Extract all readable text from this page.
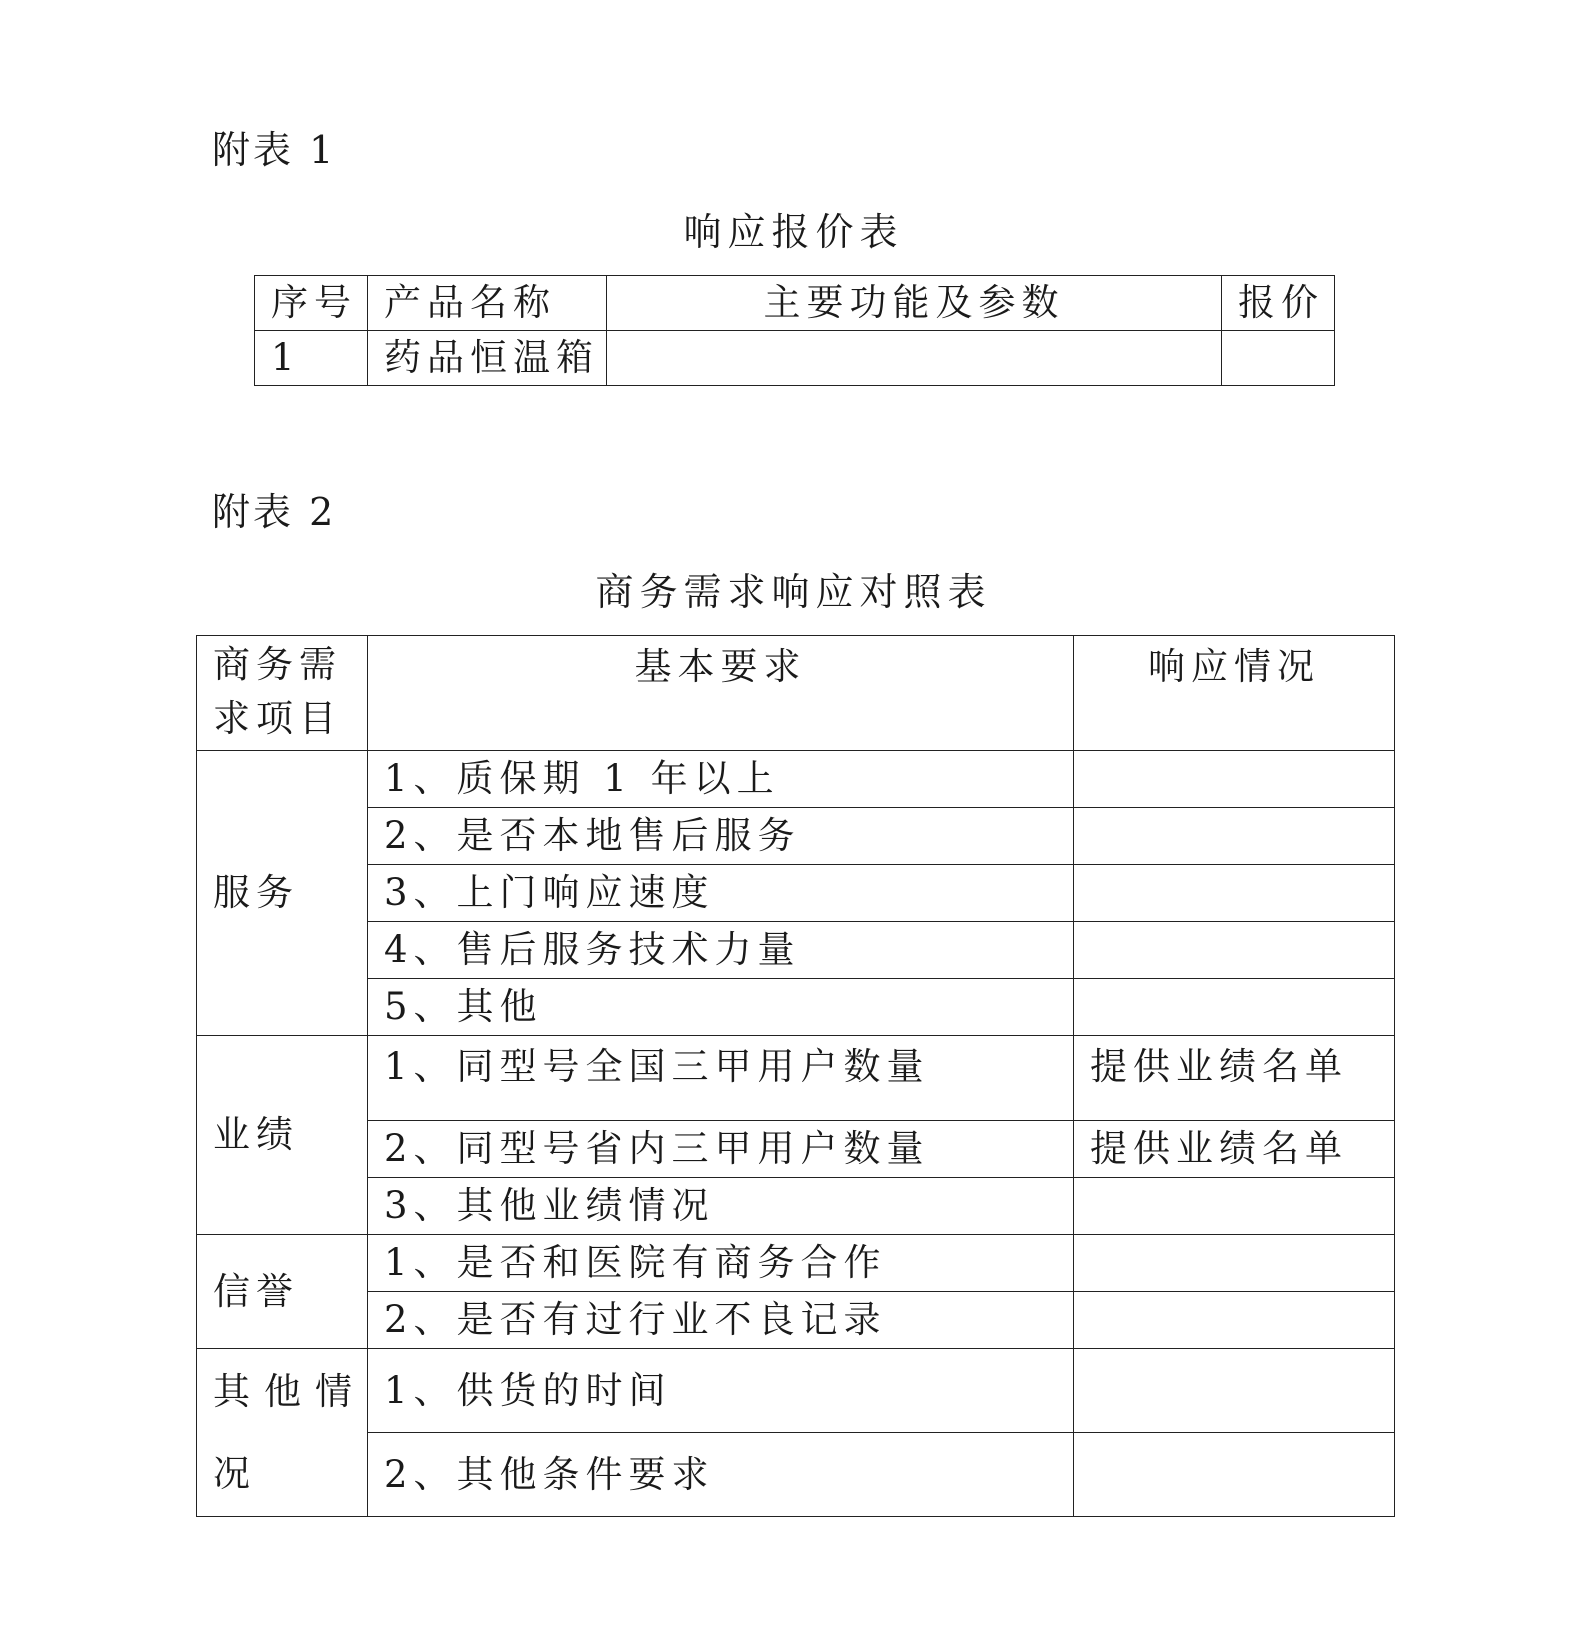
附表 1
响应报价表
序号	产品名称	主要功能及参数	报价
1	药品恒温箱		
附表 2
商务需求响应对照表
商务需求项目	基本要求	响应情况
服务	1、质保期 1 年以上	
	2、是否本地售后服务	
	3、上门响应速度	
	4、售后服务技术力量	
	5、其他	
业绩	1、同型号全国三甲用户数量	提供业绩名单
	2、同型号省内三甲用户数量	提供业绩名单
	3、其他业绩情况	
信誉	1、是否和医院有商务合作	
	2、是否有过行业不良记录	
其他情况	1、供货的时间	
	2、其他条件要求	
